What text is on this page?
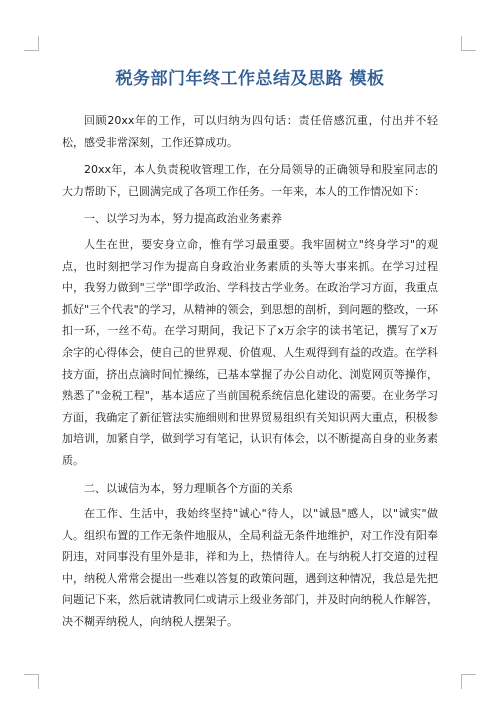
税务部门年终工作总结及思路 模板

回顾20xx年的工作，可以归纳为四句话：责任倍感沉重，付出并不轻松，感受非常深刻，工作还算成功。

20xx年，本人负责税收管理工作，在分局领导的正确领导和股室同志的大力帮助下，已圆满完成了各项工作任务。一年来，本人的工作情况如下：

一、以学习为本，努力提高政治业务素养

人生在世，要安身立命，惟有学习最重要。我牢固树立"终身学习"的观点，也时刻把学习作为提高自身政治业务素质的头等大事来抓。在学习过程中，我努力做到"三学"即学政治、学科技古学业务。在政治学习方面，我重点抓好"三个代表"的学习，从精神的领会，到思想的剖析，到问题的整改，一环扣一环，一丝不苟。在学习期间，我记下了x万余字的读书笔记，撰写了x万余字的心得体会，使自己的世界观、价值观、人生观得到有益的改造。在学科技方面，挤出点滴时间忙操练，已基本掌握了办公自动化、浏览网页等操作，熟悉了"金税工程"，基本适应了当前国税系统信息化建设的需要。在业务学习方面，我确定了新征管法实施细则和世界贸易组织有关知识两大重点，积极参加培训，加紧自学，做到学习有笔记，认识有体会，以不断提高自身的业务素质。

二、以诚信为本，努力理顺各个方面的关系

在工作、生活中，我始终坚持"诚心"待人，以"诚恳"感人，以"诚实"做人。组织布置的工作无条件地服从，全局利益无条件地维护，对工作没有阳奉阴违，对同事没有里外是非，祥和为上，热情待人。在与纳税人打交道的过程中，纳税人常常会提出一些难以答复的政策问题，遇到这种情况，我总是先把问题记下来，然后就请教同仁或请示上级业务部门，并及时向纳税人作解答，决不糊弄纳税人，向纳税人摆架子。
